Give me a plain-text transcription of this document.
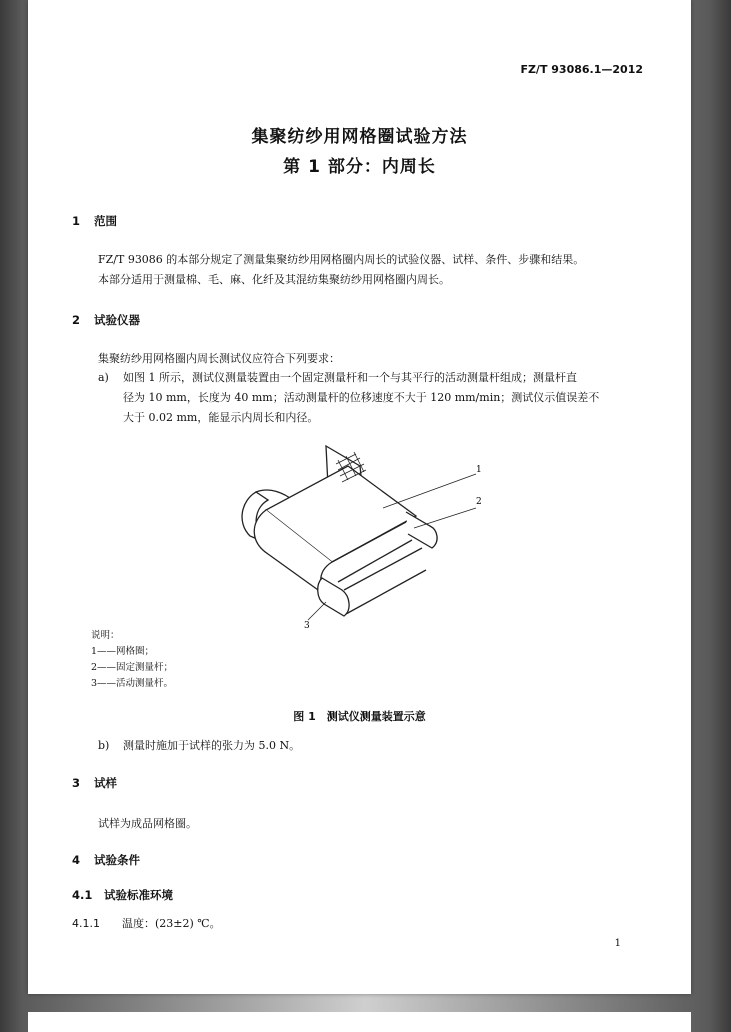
FZ/T 93086.1—2012
集聚纺纱用网格圈试验方法
第 1 部分：内周长
1 范围
FZ/T 93086 的本部分规定了测量集聚纺纱用网格圈内周长的试验仪器、试样、条件、步骤和结果。
本部分适用于测量棉、毛、麻、化纤及其混纺集聚纺纱用网格圈内周长。
2 试验仪器
集聚纺纱用网格圈内周长测试仪应符合下列要求：
a) 如图 1 所示，测试仪测量装置由一个固定测量杆和一个与其平行的活动测量杆组成；测量杆直
径为 10 mm，长度为 40 mm；活动测量杆的位移速度不大于 120 mm/min；测试仪示值误差不
大于 0.02 mm，能显示内周长和内径。
1
2
3
说明：
1——网格圈；
2——固定测量杆；
3——活动测量杆。
图 1　测试仪测量装置示意
b) 测量时施加于试样的张力为 5.0 N。
3 试样
试样为成品网格圈。
4 试验条件
4.1 试验标准环境
4.1.1 温度：(23±2) ℃。
1
